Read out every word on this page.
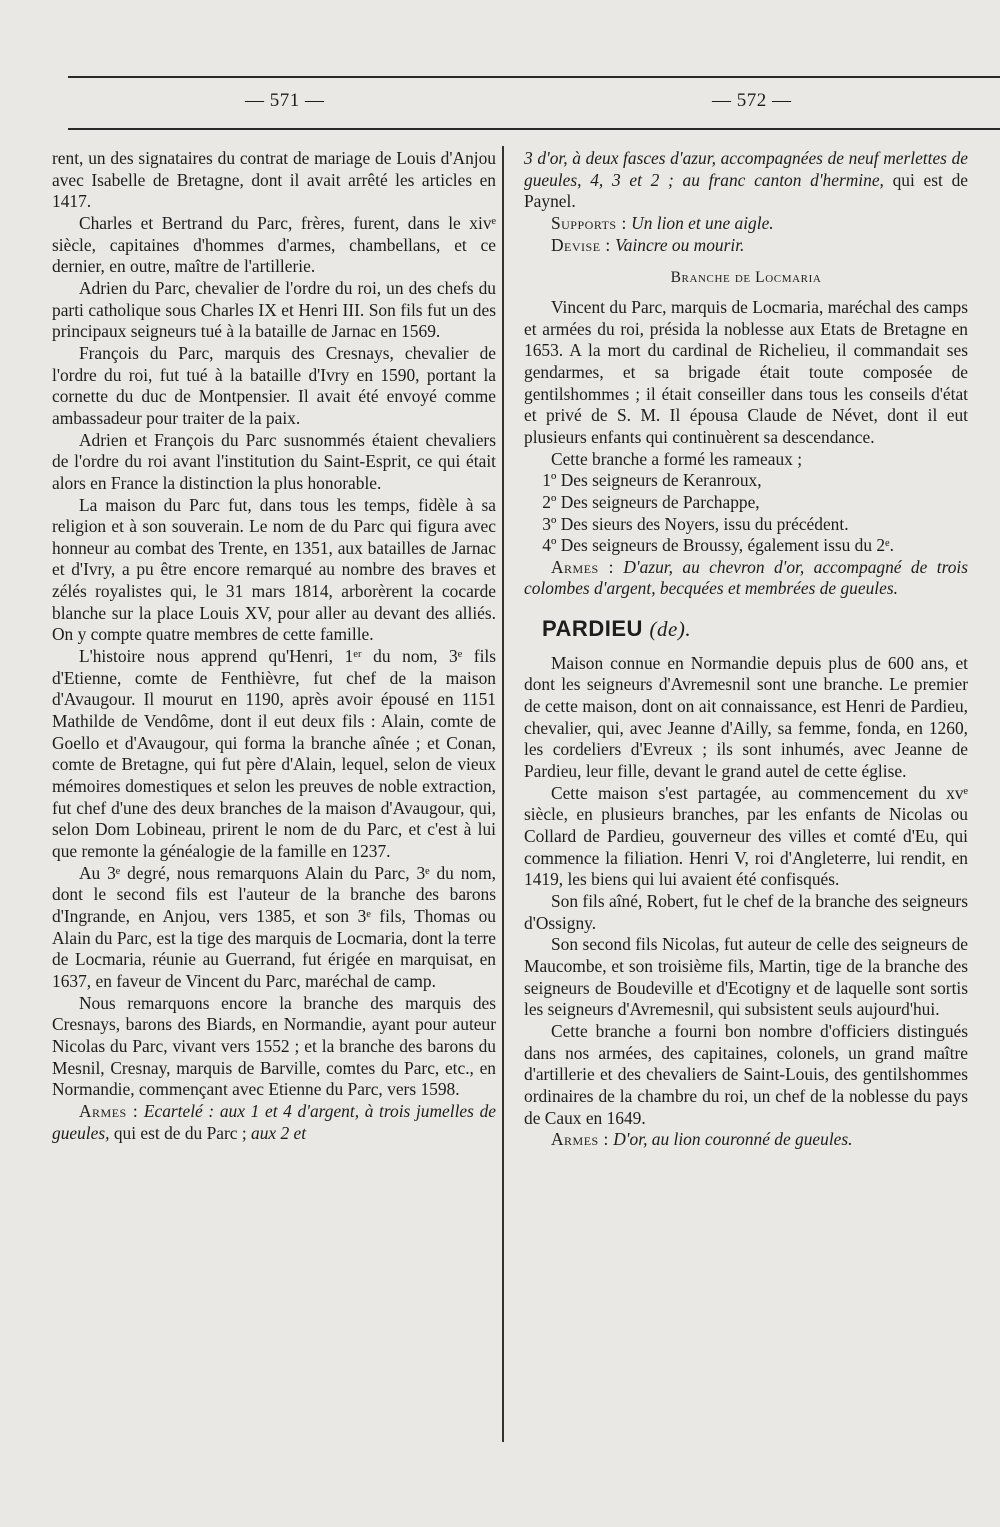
— 571 —	— 572 —

rent, un des signataires du contrat de mariage de Louis d'Anjou avec Isabelle de Bretagne, dont il avait arrêté les articles en 1417.

Charles et Bertrand du Parc, frères, furent, dans le xivᵉ siècle, capitaines d'hommes d'armes, chambellans, et ce dernier, en outre, maître de l'artillerie.

Adrien du Parc, chevalier de l'ordre du roi, un des chefs du parti catholique sous Charles IX et Henri III. Son fils fut un des principaux seigneurs tué à la bataille de Jarnac en 1569.

François du Parc, marquis des Cresnays, chevalier de l'ordre du roi, fut tué à la bataille d'Ivry en 1590, portant la cornette du duc de Montpensier. Il avait été envoyé comme ambassadeur pour traiter de la paix.

Adrien et François du Parc susnommés étaient chevaliers de l'ordre du roi avant l'institution du Saint-Esprit, ce qui était alors en France la distinction la plus honorable.

La maison du Parc fut, dans tous les temps, fidèle à sa religion et à son souverain. Le nom de du Parc qui figura avec honneur au combat des Trente, en 1351, aux batailles de Jarnac et d'Ivry, a pu être encore remarqué au nombre des braves et zélés royalistes qui, le 31 mars 1814, arborèrent la cocarde blanche sur la place Louis XV, pour aller au devant des alliés. On y compte quatre membres de cette famille.

L'histoire nous apprend qu'Henri, 1ᵉʳ du nom, 3ᵉ fils d'Etienne, comte de Fenthièvre, fut chef de la maison d'Avaugour. Il mourut en 1190, après avoir épousé en 1151 Mathilde de Vendôme, dont il eut deux fils : Alain, comte de Goello et d'Avaugour, qui forma la branche aînée ; et Conan, comte de Bretagne, qui fut père d'Alain, lequel, selon de vieux mémoires domestiques et selon les preuves de noble extraction, fut chef d'une des deux branches de la maison d'Avaugour, qui, selon Dom Lobineau, prirent le nom de du Parc, et c'est à lui que remonte la généalogie de la famille en 1237.

Au 3ᵉ degré, nous remarquons Alain du Parc, 3ᵉ du nom, dont le second fils est l'auteur de la branche des barons d'Ingrande, en Anjou, vers 1385, et son 3ᵉ fils, Thomas ou Alain du Parc, est la tige des marquis de Locmaria, dont la terre de Locmaria, réunie au Guerrand, fut érigée en marquisat, en 1637, en faveur de Vincent du Parc, maréchal de camp.

Nous remarquons encore la branche des marquis des Cresnays, barons des Biards, en Normandie, ayant pour auteur Nicolas du Parc, vivant vers 1552 ; et la branche des barons du Mesnil, Cresnay, marquis de Barville, comtes du Parc, etc., en Normandie, commençant avec Etienne du Parc, vers 1598.

Armes : Ecartelé : aux 1 et 4 d'argent, à trois jumelles de gueules, qui est de du Parc ; aux 2 et

3 d'or, à deux fasces d'azur, accompagnées de neuf merlettes de gueules, 4, 3 et 2 ; au franc canton d'hermine, qui est de Paynel.

Supports : Un lion et une aigle.

Devise : Vaincre ou mourir.

Branche de Locmaria

Vincent du Parc, marquis de Locmaria, maréchal des camps et armées du roi, présida la noblesse aux Etats de Bretagne en 1653. A la mort du cardinal de Richelieu, il commandait ses gendarmes, et sa brigade était toute composée de gentilshommes ; il était conseiller dans tous les conseils d'état et privé de S. M. Il épousa Claude de Névet, dont il eut plusieurs enfants qui continuèrent sa descendance.

Cette branche a formé les rameaux ;

1º Des seigneurs de Keranroux,

2º Des seigneurs de Parchappe,

3º Des sieurs des Noyers, issu du précédent.

4º Des seigneurs de Broussy, également issu du 2ᵉ.

Armes : D'azur, au chevron d'or, accompagné de trois colombes d'argent, becquées et membrées de gueules.

PARDIEU (de).

Maison connue en Normandie depuis plus de 600 ans, et dont les seigneurs d'Avremesnil sont une branche. Le premier de cette maison, dont on ait connaissance, est Henri de Pardieu, chevalier, qui, avec Jeanne d'Ailly, sa femme, fonda, en 1260, les cordeliers d'Evreux ; ils sont inhumés, avec Jeanne de Pardieu, leur fille, devant le grand autel de cette église.

Cette maison s'est partagée, au commencement du xvᵉ siècle, en plusieurs branches, par les enfants de Nicolas ou Collard de Pardieu, gouverneur des villes et comté d'Eu, qui commence la filiation. Henri V, roi d'Angleterre, lui rendit, en 1419, les biens qui lui avaient été confisqués.

Son fils aîné, Robert, fut le chef de la branche des seigneurs d'Ossigny.

Son second fils Nicolas, fut auteur de celle des seigneurs de Maucombe, et son troisième fils, Martin, tige de la branche des seigneurs de Boudeville et d'Ecotigny et de laquelle sont sortis les seigneurs d'Avremesnil, qui subsistent seuls aujourd'hui.

Cette branche a fourni bon nombre d'officiers distingués dans nos armées, des capitaines, colonels, un grand maître d'artillerie et des chevaliers de Saint-Louis, des gentilshommes ordinaires de la chambre du roi, un chef de la noblesse du pays de Caux en 1649.

Armes : D'or, au lion couronné de gueules.
